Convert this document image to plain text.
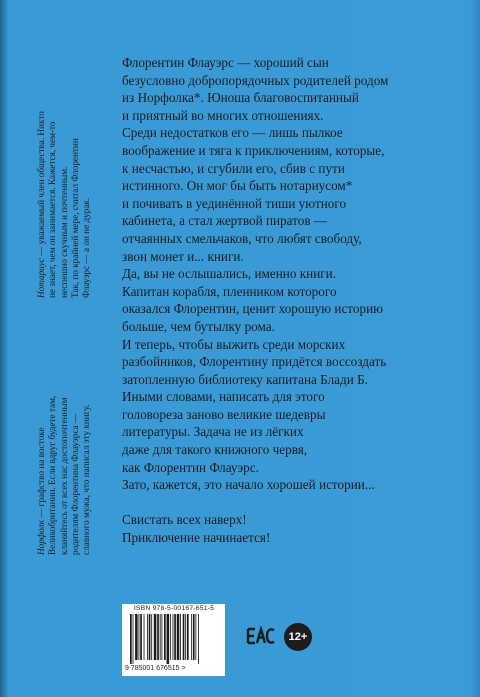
Флорентин Флауэрс — хороший сын

безусловно добропорядочных родителей родом

из Норфолка*. Юноша благовоспитанный

и приятный во многих отношениях.

Среди недостатков его — лишь пылкое

воображение и тяга к приключениям, которые,

к несчастью, и сгубили его, сбив с пути

истинного. Он мог бы быть нотариусом*

и почивать в уединённой тиши уютного

кабинета, а стал жертвой пиратов —

отчаянных смельчаков, что любят свободу,

звон монет и... книги.

Да, вы не ослышались, именно книги.

Капитан корабля, пленником которого

оказался Флорентин, ценит хорошую историю

больше, чем бутылку рома.

И теперь, чтобы выжить среди морских

разбойников, Флорентину придётся воссоздать

затопленную библиотеку капитана Блади Б.

Иными словами, написать для этого

головореза заново великие шедевры

литературы. Задача не из лёгких

даже для такого книжного червя,

как Флорентин Флауэрс.

Зато, кажется, это начало хорошей истории...

Свистать всех наверх!

Приключение начинается!

Нотариус — уважаемый член общества. Никто не знает, чем он занимается. Кажется, чем-то неспешно скучным и почтенным. Так, по крайней мере, считал Флорентин Флауэрс — а он не дурак.

Норфолк — графство на востоке Великобритании. Если вдруг будете там, кланяйтесь от всех нас достопочтенным родителям Флорентина Флауэрса — славного мужа, что написал эту книгу.

ISBN 978-5-00167-651-5
9 785001 676515 >
12+
